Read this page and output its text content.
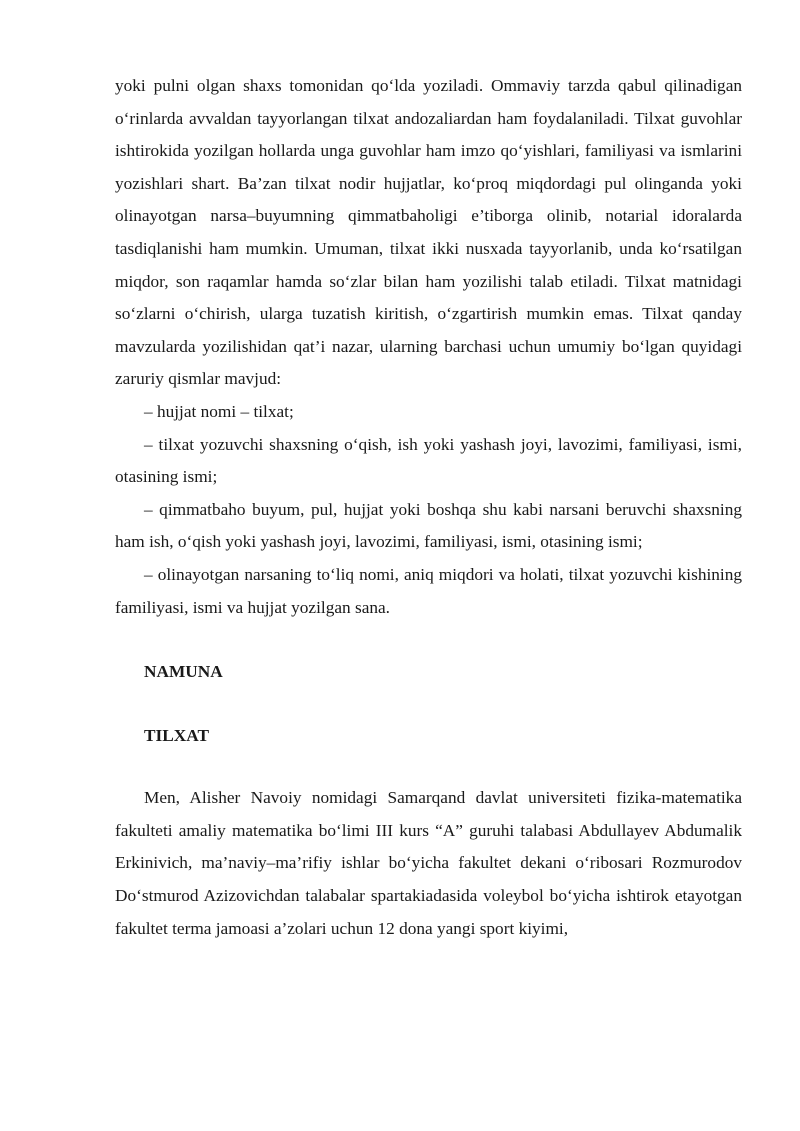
yoki pulni olgan shaxs tomonidan qo‘lda yoziladi. Ommaviy tarzda qabul qilinadigan o‘rinlarda avvaldan tayyorlangan tilxat andozaliardan ham foydalaniladi. Tilxat guvohlar ishtirokida yozilgan hollarda unga guvohlar ham imzo qo‘yishlari, familiyasi va ismlarini yozishlari shart. Ba’zan tilxat nodir hujjatlar, ko‘proq miqdordagi pul olinganda yoki olinayotgan narsa–buyumning qimmatbaholigi e’tiborga olinib, notarial idoralarda tasdiqlanishi ham mumkin. Umuman, tilxat ikki nusxada tayyorlanib, unda ko‘rsatilgan miqdor, son raqamlar hamda so‘zlar bilan ham yozilishi talab etiladi. Tilxat matnidagi so‘zlarni o‘chirish, ularga tuzatish kiritish, o‘zgartirish mumkin emas. Tilxat qanday mavzularda yozilishidan qat’i nazar, ularning barchasi uchun umumiy bo‘lgan quyidagi zaruriy qismlar mavjud:

– hujjat nomi – tilxat;

– tilxat yozuvchi shaxsning o‘qish, ish yoki yashash joyi, lavozimi, familiyasi, ismi, otasining ismi;

– qimmatbaho buyum, pul, hujjat yoki boshqa shu kabi narsani beruvchi shaxsning ham ish, o‘qish yoki yashash joyi, lavozimi, familiyasi, ismi, otasining ismi;

– olinayotgan narsaning to‘liq nomi, aniq miqdori va holati, tilxat yozuvchi kishining familiyasi, ismi va hujjat yozilgan sana.

NAMUNA

TILXAT

Men, Alisher Navoiy nomidagi Samarqand davlat universiteti fizika-matematika fakulteti amaliy matematika bo‘limi III kurs “A” guruhi talabasi Abdullayev Abdumalik Erkinivich, ma’naviy–ma’rifiy ishlar bo‘yicha fakultet dekani o‘ribosari Rozmurodov Do‘stmurod Azizovichdan talabalar spartakiadasida voleybol bo‘yicha ishtirok etayotgan fakultet terma jamoasi a’zolari uchun 12 dona yangi sport kiyimi,
